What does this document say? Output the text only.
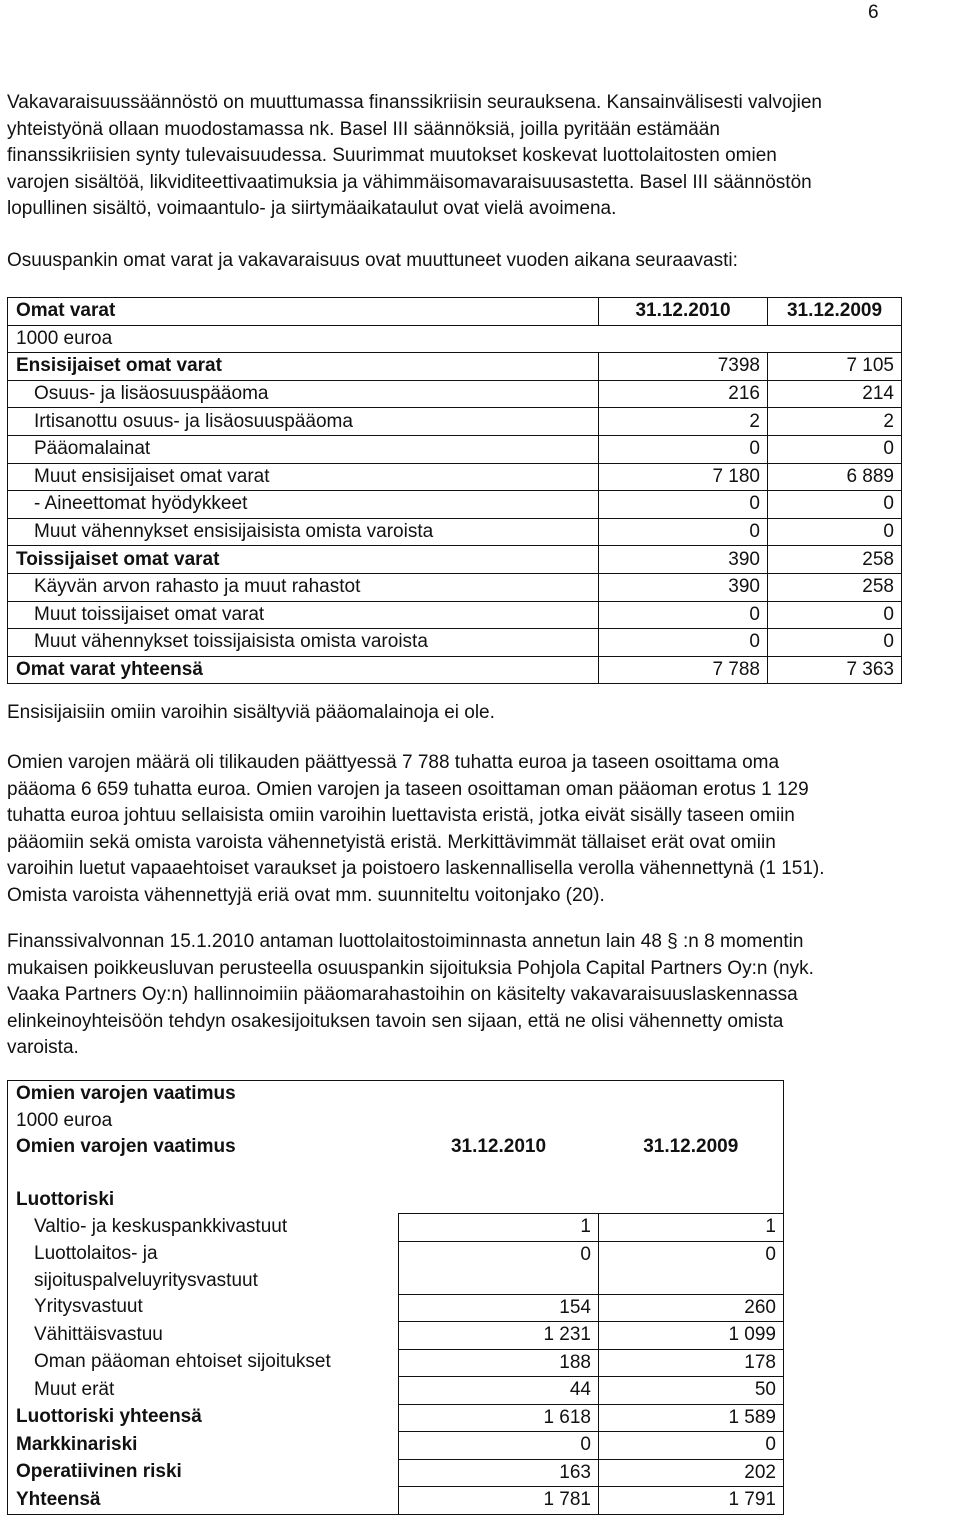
6

Vakavaraisuussäännöstö on muuttumassa finanssikriisin seurauksena. Kansainvälisesti valvojien
yhteistyönä ollaan muodostamassa nk. Basel III säännöksiä, joilla pyritään estämään
finanssikriisien synty tulevaisuudessa. Suurimmat muutokset koskevat luottolaitosten omien
varojen sisältöä, likviditeettivaatimuksia ja vähimmäisomavaraisuusastetta. Basel III säännöstön
lopullinen sisältö, voimaantulo- ja siirtymäaikataulut ovat vielä avoimena.

Osuuspankin omat varat ja vakavaraisuus ovat muuttuneet vuoden aikana seuraavasti:

Omat varat	31.12.2010	31.12.2009
1000 euroa		
Ensisijaiset omat varat	7398	7 105
Osuus- ja lisäosuuspääoma	216	214
Irtisanottu osuus- ja lisäosuuspääoma	2	2
Pääomalainat	0	0
Muut ensisijaiset omat varat	7 180	6 889
- Aineettomat hyödykkeet	0	0
Muut vähennykset ensisijaisista omista varoista	0	0
Toissijaiset omat varat	390	258
Käyvän arvon rahasto ja muut rahastot	390	258
Muut toissijaiset omat varat	0	0
Muut vähennykset toissijaisista omista varoista	0	0
Omat varat yhteensä	7 788	7 363

Ensisijaisiin omiin varoihin sisältyviä pääomalainoja ei ole.

Omien varojen määrä oli tilikauden päättyessä 7 788 tuhatta euroa ja taseen osoittama oma
pääoma 6 659 tuhatta euroa. Omien varojen ja taseen osoittaman oman pääoman erotus 1 129
tuhatta euroa johtuu sellaisista omiin varoihin luettavista eristä, jotka eivät sisälly taseen omiin
pääomiin sekä omista varoista vähennetyistä eristä. Merkittävimmät tällaiset erät ovat omiin
varoihin luetut vapaaehtoiset varaukset ja poistoero laskennallisella verolla vähennettynä (1 151).
Omista varoista vähennettyjä eriä ovat mm. suunniteltu voitonjako (20).

Finanssivalvonnan 15.1.2010 antaman luottolaitostoiminnasta annetun lain 48 § :n 8 momentin
mukaisen poikkeusluvan perusteella osuuspankin sijoituksia Pohjola Capital Partners Oy:n (nyk.
Vaaka Partners Oy:n) hallinnoimiin pääomarahastoihin on käsitelty vakavaraisuuslaskennassa
elinkeinoyhteisöön tehdyn osakesijoituksen tavoin sen sijaan, että ne olisi vähennetty omista
varoista.

Omien varojen vaatimus		
1000 euroa		
Omien varojen vaatimus	31.12.2010	31.12.2009

Luottoriski		
Valtio- ja keskuspankkivastuut	1	1

Luottolaitos- ja
sijoituspalveluyritysvastuut	0	0
Yritysvastuut	154	260
Vähittäisvastuu	1 231	1 099
Oman pääoman ehtoiset sijoitukset	188	178
Muut erät	44	50
Luottoriski yhteensä	1 618	1 589
Markkinariski	0	0
Operatiivinen riski	163	202
Yhteensä	1 781	1 791
